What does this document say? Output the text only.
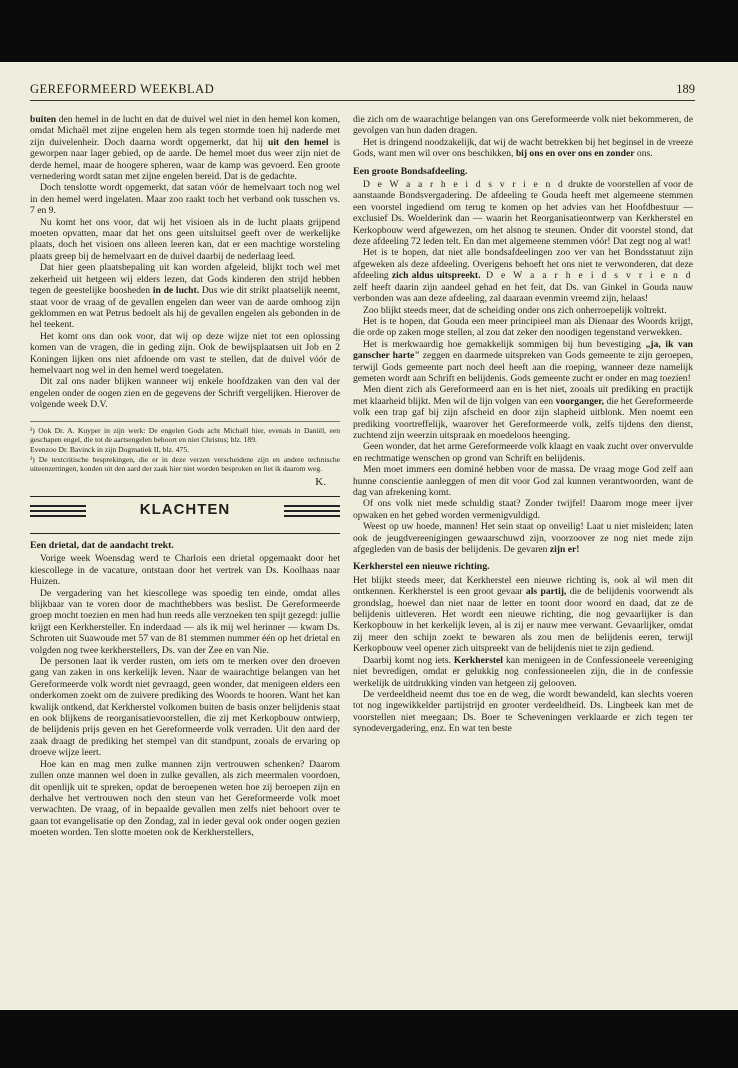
GEREFORMEERD WEEKBLAD	189

buiten den hemel in de lucht en dat de duivel wel niet in den hemel kon komen, omdat Michaël met zijne engelen hem als tegen stormde toen hij naderde met zijn duivelenheir. Doch daarna wordt opgemerkt, dat hij uit den hemel is geworpen naar lager gebied, op de aarde. De hemel moet dus weer zijn niet de derde hemel, maar de hoogere spheren, waar de kamp was gevoerd. Een groote vernedering wordt satan met zijne engelen bereid. Dat is de gedachte.

Doch tenslotte wordt opgemerkt, dat satan vóór de hemelvaart toch nog wel in den hemel werd ingelaten. Maar zoo raakt toch het verband ook tusschen vs. 7 en 9.

Nu komt het ons voor, dat wij het visioen als in de lucht plaats grijpend moeten opvatten, maar dat het ons geen uitsluitsel geeft over de werkelijke plaats, doch het visioen ons alleen leeren kan, dat er een machtige worsteling plaats greep bij de hemelvaart en de duivel daarbij de nederlaag leed.

Dat hier geen plaatsbepaling uit kan worden afgeleid, blijkt toch wel met zekerheid uit hetgeen wij elders lezen, dat Gods kinderen den strijd hebben tegen de geestelijke boosheden in de lucht. Dus wie dit strikt plaatselijk neemt, staat voor de vraag of de gevallen engelen dan weer van de aarde omhoog zijn geklommen en wat Petrus bedoelt als hij de gevallen engelen als gebonden in de hel teekent.

Het komt ons dan ook voor, dat wij op deze wijze niet tot een oplossing komen van de vragen, die in geding zijn. Ook de bewijsplaatsen uit Job en 2 Koningen lijken ons niet afdoende om vast te stellen, dat de duivel vóór de hemelvaart nog wel in den hemel werd toegelaten.

Dit zal ons nader blijken wanneer wij enkele hoofdzaken van den val der engelen onder de oogen zien en de gegevens der Schrift vergelijken. Hierover de volgende week D.V.

¹) Ook Dr. A. Kuyper in zijn werk: De engelen Gods acht Michaël hier, evenals in Daniël, een geschapen engel, die tot de aartsengelen behoort en niet Christus; blz. 189.

Evenzoo Dr. Bavinck in zijn Dogmatiek II, blz. 475.

²) De textcritische besprekingen, die er in deze verzen verscheidene zijn en andere technische uiteenzettingen, konden uit den aard der zaak hier niet worden besproken en liet ik daarom weg.

K.
KLACHTEN
Een drietal, dat de aandacht trekt.

Vorige week Woensdag werd te Charlois een drietal opgemaakt door het kiescollege in de vacature, ontstaan door het vertrek van Ds. Koolhaas naar Huizen.

De vergadering van het kiescollege was spoedig ten einde, omdat alles blijkbaar van te voren door de machthebbers was beslist. De Gereformeerde groep mocht toezien en men had hun reeds alle verzoeken ten spijt gezegd: jullie krijgt een Kerkhersteller. En inderdaad — als ik mij wel herinner — kwam Ds. Schroten uit Suawoude met 57 van de 81 stemmen nummer één op het drietal en volgden nog twee kerkherstellers, Ds. van der Zee en van Nie.

De personen laat ik verder rusten, om iets om te merken over den droeven gang van zaken in ons kerkelijk leven. Naar de waarachtige belangen van het Gereformeerde volk wordt niet gevraagd, geen wonder, dat menigeen elders een onderkomen zoekt om de zuivere prediking des Woords te hooren. Want het kan kwalijk ontkend, dat Kerkherstel volkomen buiten de basis onzer belijdenis staat en ook blijkens de reorganisatievoorstellen, die zij met Kerkopbouw ontwierp, de belijdenis prijs geven en het Gereformeerde volk verraden. Uit den aard der zaak draagt de prediking het stempel van dit standpunt, zooals de ervaring op droeve wijze leert.

Hoe kan en mag men zulke mannen zijn vertrouwen schenken? Daarom zullen onze mannen wel doen in zulke gevallen, als zich meermalen voordoen, dit openlijk uit te spreken, opdat de beroepenen weten hoe zij beroepen zijn en derhalve het vertrouwen noch den steun van het Gereformeerde volk moet verwachten. De vraag, of in bepaalde gevallen men zelfs niet behoort over te gaan tot evangelisatie op den Zondag, zal in ieder geval ook onder oogen gezien moeten worden. Ten slotte moeten ook de Kerkherstellers,

die zich om de waarachtige belangen van ons Gereformeerde volk niet bekommeren, de gevolgen van hun daden dragen.

Het is dringend noodzakelijk, dat wij de wacht betrekken bij het beginsel in de vreeze Gods, want men wil over ons beschikken, bij ons en over ons en zonder ons.

Een groote Bondsafdeeling.

D e W a a r h e i d s v r i e n d drukte de voorstellen af voor de aanstaande Bondsvergadering. De afdeeling te Gouda heeft met algemeene stemmen een voorstel ingediend om terug te komen op het advies van het Hoofdbestuur — exclusief Ds. Woelderink dan — waarin het Reorganisatieontwerp van Kerkherstel en Kerkopbouw werd afgewezen, om het alsnog te steunen. Onder dit voorstel stond, dat deze afdeeling 72 leden telt. En dan met algemeene stemmen vóór! Dat zegt nog al wat!

Het is te hopen, dat niet alle bondsafdeelingen zoo ver van het Bondsstatuut zijn afgeweken als deze afdeeling. Overigens behoeft het ons niet te verwonderen, dat deze afdeeling zich aldus uitspreekt. D e W a a r h e i d s v r i e n d zelf heeft daarin zijn aandeel gehad en het feit, dat Ds. van Ginkel in Gouda nauw verbonden was aan deze afdeeling, zal daaraan evenmin vreemd zijn, helaas!

Zoo blijkt steeds meer, dat de scheiding onder ons zich onherroepelijk voltrekt.

Het is te hopen, dat Gouda een meer principieel man als Dienaar des Woords krijgt, die orde op zaken moge stellen, al zou dat zeker den noodigen tegenstand verwekken.

Het is merkwaardig hoe gemakkelijk sommigen bij hun bevestiging „ja, ik van ganscher harte" zeggen en daarmede uitspreken van Gods gemeente te zijn geroepen, terwijl Gods gemeente part noch deel heeft aan die roeping, wanneer deze namelijk gemeten wordt aan Schrift en belijdenis. Gods gemeente zucht er onder en mag toezien!

Men dient zich als Gereformeerd aan en is het niet, zooals uit prediking en practijk met klaarheid blijkt. Men wil de lijn volgen van een voorganger, die het Gereformeerde volk een trap gaf bij zijn afscheid en door zijn slapheid uitblonk. Men noemt een prediking voortreffelijk, waarover het Gereformeerde volk, zelfs tijdens den dienst, zuchtend zijn weerzin uitspraak en moedeloos heenging.

Geen wonder, dat het arme Gereformeerde volk klaagt en vaak zucht over onvervulde en rechtmatige wenschen op grond van Schrift en belijdenis.

Men moet immers een dominé hebben voor de massa. De vraag moge God zelf aan hunne conscientie aanleggen of men dit voor God zal kunnen verantwoorden, want de dag van afrekening komt.

Of ons volk niet mede schuldig staat? Zonder twijfel! Daarom moge meer ijver opwaken en het gebed worden vermenigvuldigd.

Weest op uw hoede, mannen! Het sein staat op onveilig! Laat u niet misleiden; laten ook de jeugdvereenigingen gewaarschuwd zijn, voorzoover ze nog niet mede zijn afgegleden van de basis der belijdenis. De gevaren zijn er!

Kerkherstel een nieuwe richting.

Het blijkt steeds meer, dat Kerkherstel een nieuwe richting is, ook al wil men dit ontkennen. Kerkherstel is een groot gevaar als partij, die de belijdenis voorwendt als grondslag, hoewel dan niet naar de letter en toont door woord en daad, dat ze de belijdenis uitleveren. Het wordt een nieuwe richting, die nog gevaarlijker is dan Kerkopbouw in het kerkelijk leven, al is zij er nauw mee verwant. Gevaarlijker, omdat zij meer den schijn zoekt te bewaren als zou men de belijdenis eeren, terwijl Kerkopbouw veel opener zich uitspreekt van de belijdenis niet te zijn gediend.

Daarbij komt nog iets. Kerkherstel kan menigeen in de Confessioneele vereeniging niet bevredigen, omdat er gelukkig nog confessioneelen zijn, die in de confessie werkelijk de uitdrukking vinden van hetgeen zij gelooven.

De verdeeldheid neemt dus toe en de weg, die wordt bewandeld, kan slechts voeren tot nog ingewikkelder partijstrijd en grooter verdeeldheid. Ds. Lingbeek kan met de voorstellen niet meegaan; Ds. Boer te Scheveningen verklaarde er zich tegen ter synodevergadering, enz. En wat ten beste
